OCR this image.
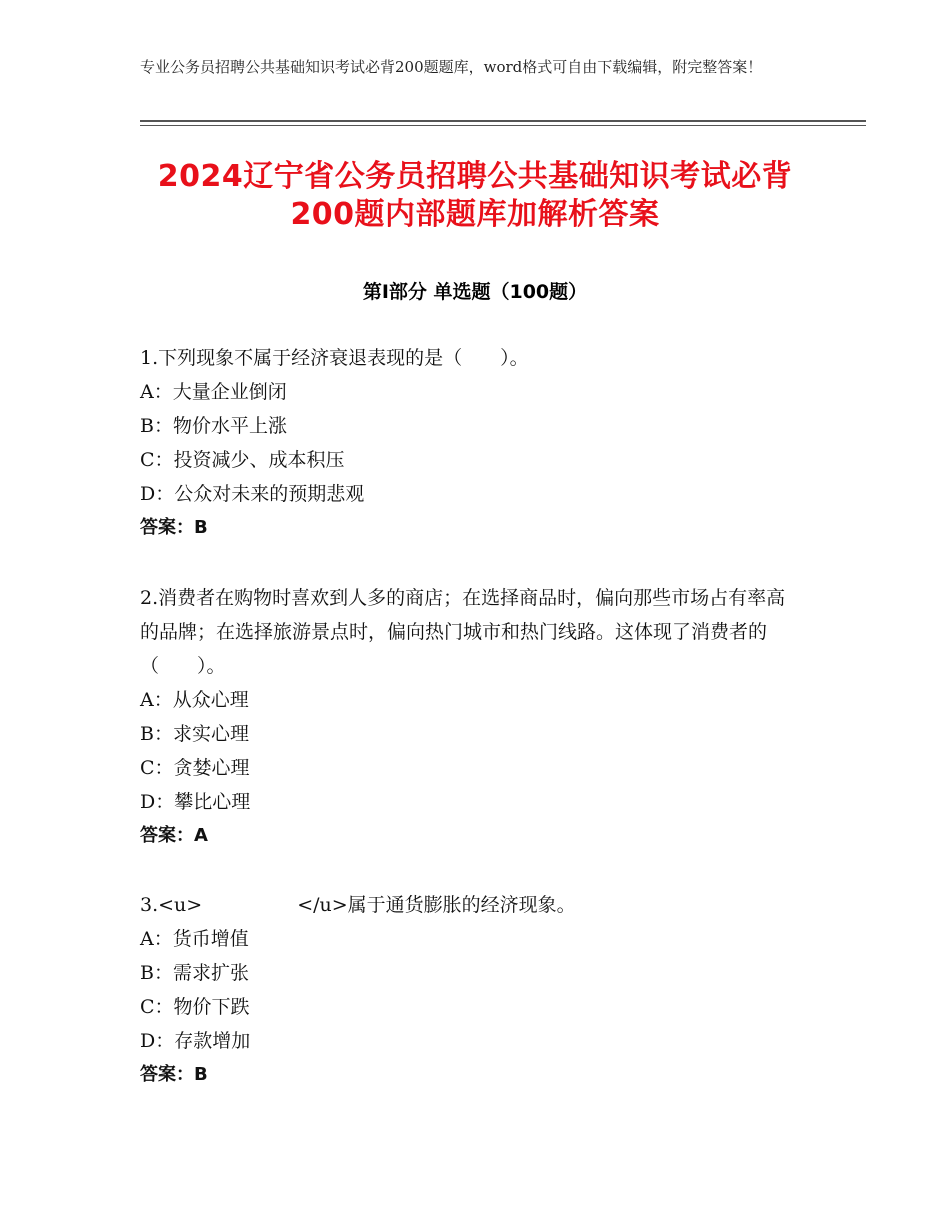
专业公务员招聘公共基础知识考试必背200题题库，word格式可自由下载编辑，附完整答案！
2024辽宁省公务员招聘公共基础知识考试必背200题内部题库加解析答案
第Ⅰ部分 单选题（100题）
1.下列现象不属于经济衰退表现的是（　　）。
A：大量企业倒闭
B：物价水平上涨
C：投资减少、成本积压
D：公众对未来的预期悲观
答案：B
2.消费者在购物时喜欢到人多的商店；在选择商品时，偏向那些市场占有率高的品牌；在选择旅游景点时，偏向热门城市和热门线路。这体现了消费者的（　　）。
A：从众心理
B：求实心理
C：贪婪心理
D：攀比心理
答案：A
3.<u>　　　　　</u>属于通货膨胀的经济现象。
A：货币增值
B：需求扩张
C：物价下跌
D：存款增加
答案：B
